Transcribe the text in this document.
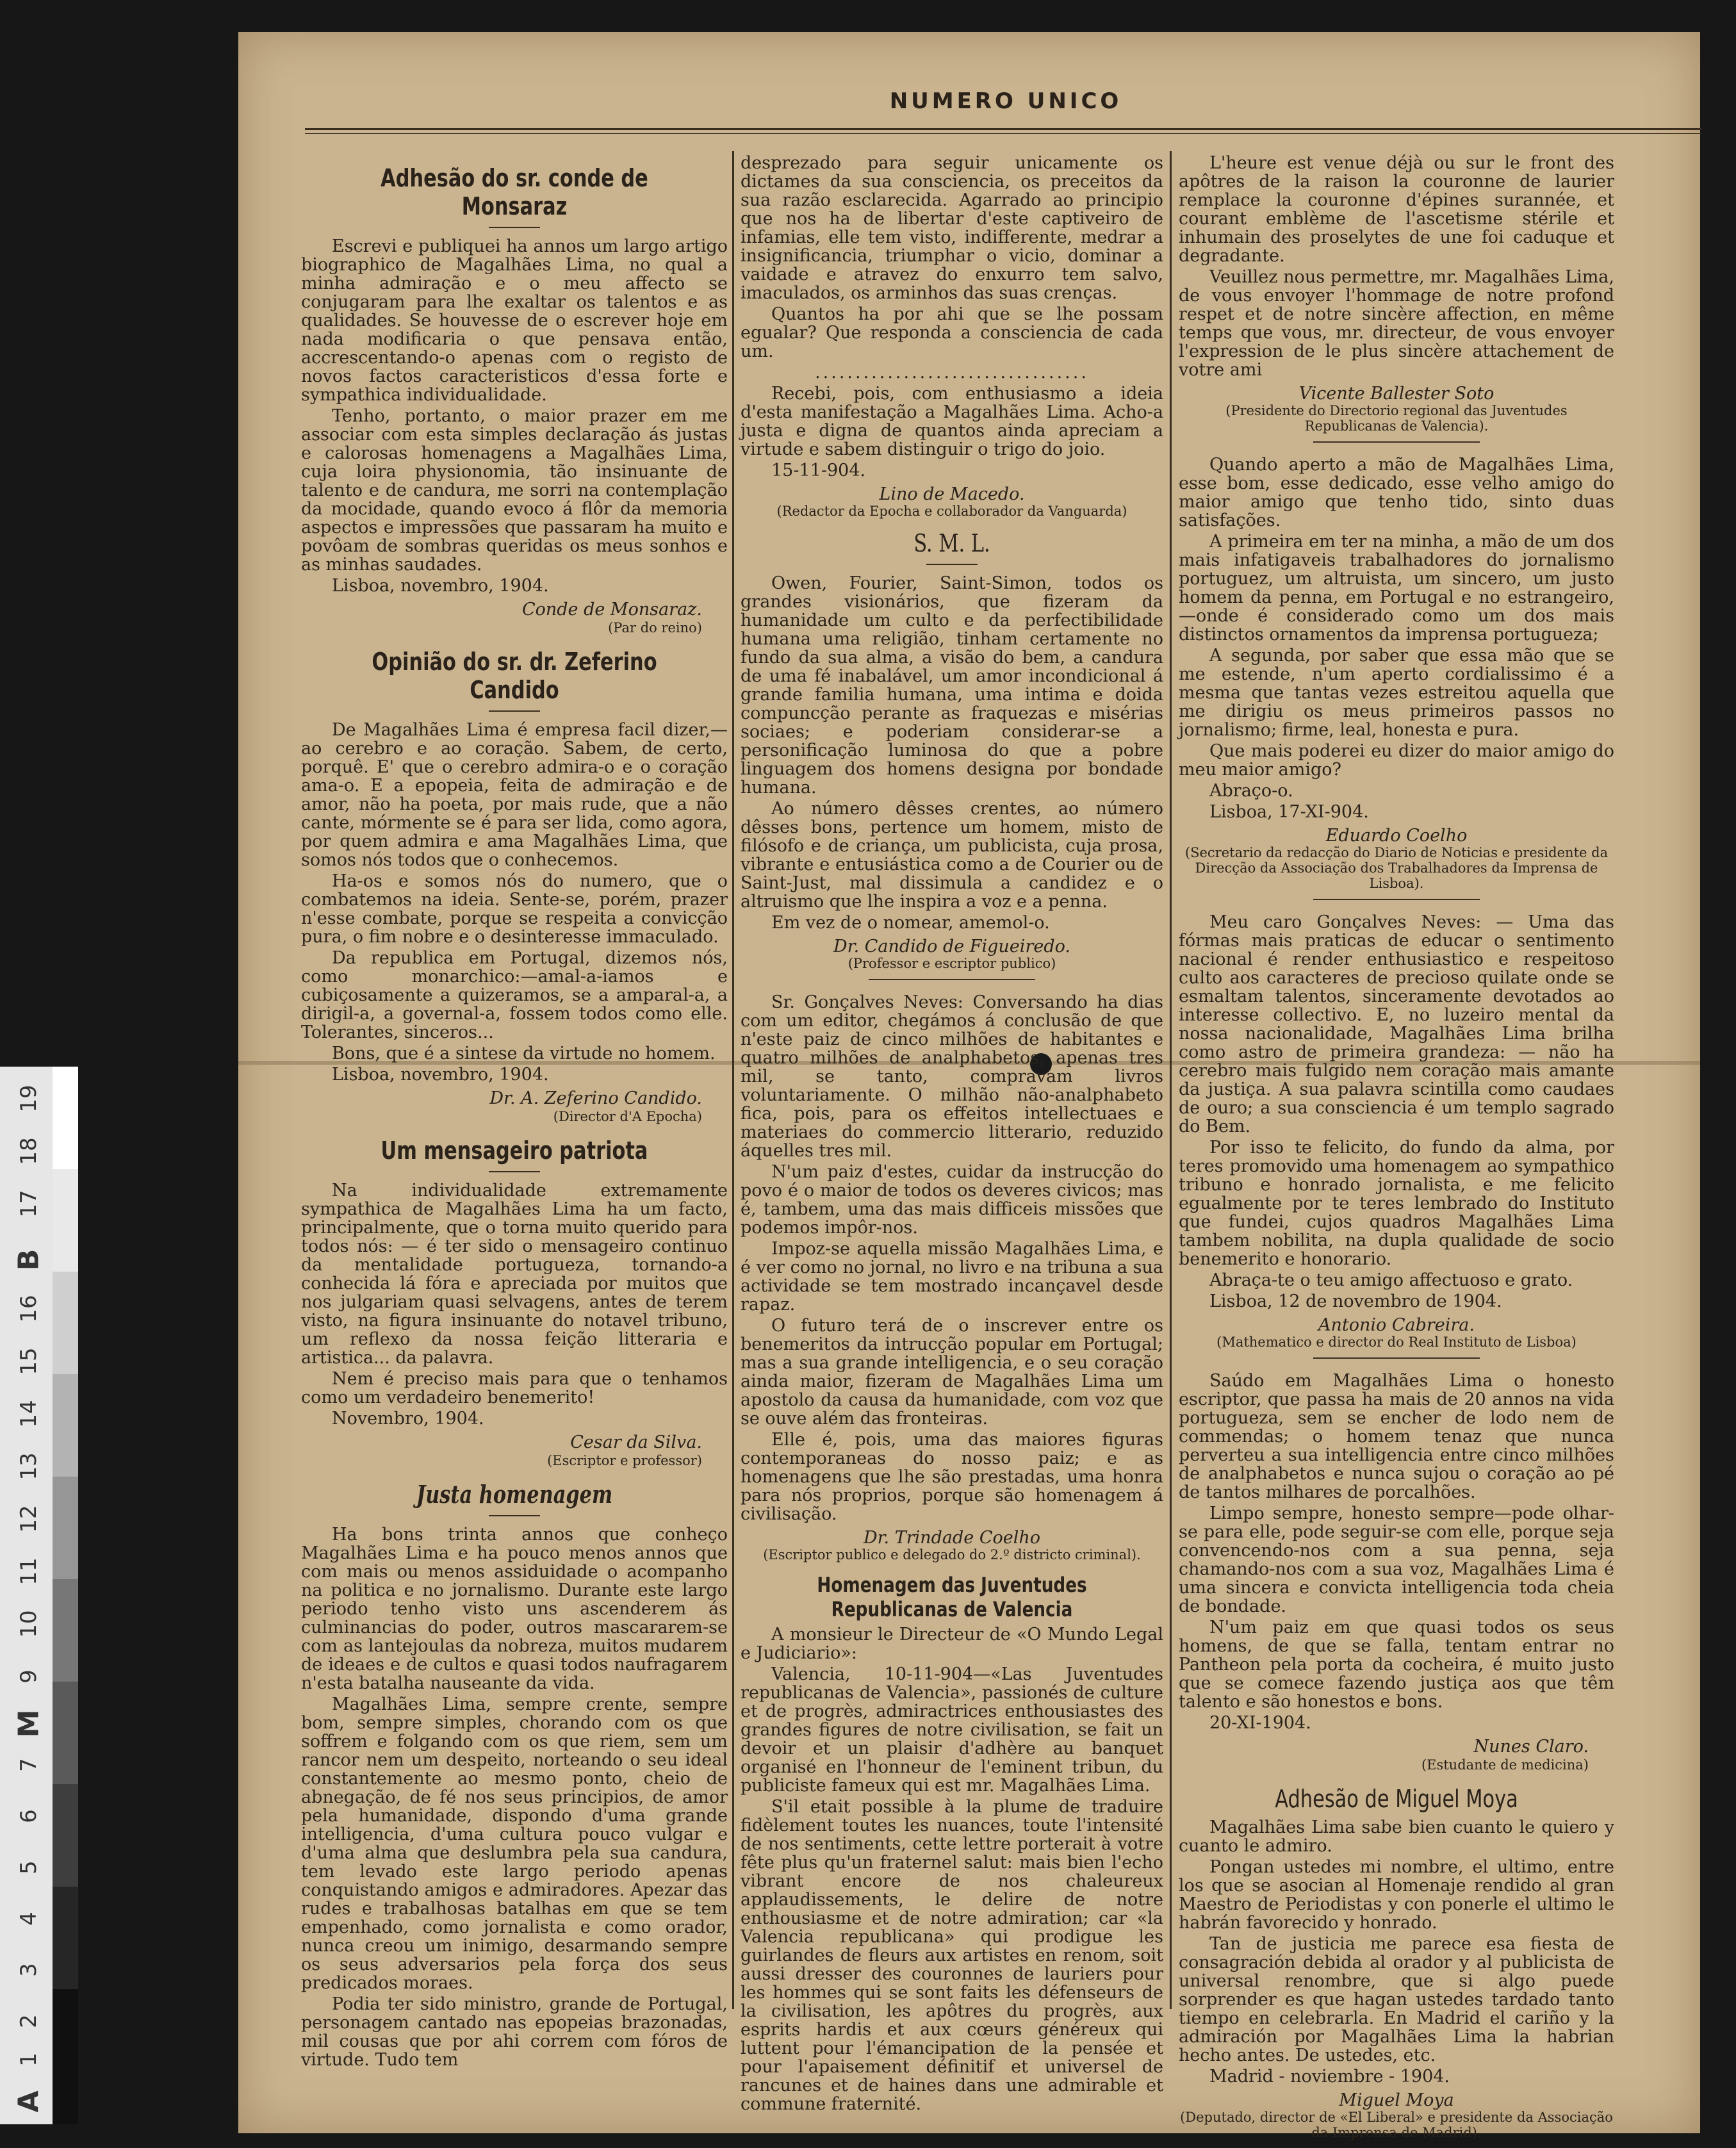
19
18
17
B
16
15
14
13
12
11
10
9
M
7
6
5
4
3
2
1
A
NUMERO UNICO
Adhesão do sr. conde de Monsaraz

Escrevi e publiquei ha annos um largo artigo biographico de Magalhães Lima, no qual a minha admiração e o meu affecto se conjugaram para lhe exaltar os talentos e as qualidades. Se houvesse de o escrever hoje em nada modificaria o que pensava então, accrescentando-o apenas com o registo de novos factos caracteristicos d'essa forte e sympathica individualidade.

Tenho, portanto, o maior prazer em me associar com esta simples declaração ás justas e calorosas homenagens a Magalhães Lima, cuja loira physionomia, tão insinuante de talento e de candura, me sorri na contemplação da mocidade, quando evoco á flôr da memoria aspectos e impressões que passaram ha muito e povôam de sombras queridas os meus sonhos e as minhas saudades.

Lisboa, novembro, 1904.

Conde de Monsaraz.
(Par do reino)
Opinião do sr. dr. Zeferino Candido

De Magalhães Lima é empresa facil dizer,—ao cerebro e ao coração. Sabem, de certo, porquê. E' que o cerebro admira-o e o coração ama-o. E a epopeia, feita de admiração e de amor, não ha poeta, por mais rude, que a não cante, mórmente se é para ser lida, como agora, por quem admira e ama Magalhães Lima, que somos nós todos que o conhecemos.

Ha-os e somos nós do numero, que o combatemos na ideia. Sente-se, porém, prazer n'esse combate, porque se respeita a convicção pura, o fim nobre e o desinteresse immaculado.

Da republica em Portugal, dizemos nós, como monarchico:—amal-a-iamos e cubiçosamente a quizeramos, se a amparal-a, a dirigil-a, a governal-a, fossem todos como elle. Tolerantes, sinceros...

Bons, que é a sintese da virtude no homem.

Lisboa, novembro, 1904.

Dr. A. Zeferino Candido.
(Director d'A Epocha)
Um mensageiro patriota

Na individualidade extremamente sympathica de Magalhães Lima ha um facto, principalmente, que o torna muito querido para todos nós: — é ter sido o mensageiro continuo da mentalidade portugueza, tornando-a conhecida lá fóra e apreciada por muitos que nos julgariam quasi selvagens, antes de terem visto, na figura insinuante do notavel tribuno, um reflexo da nossa feição litteraria e artistica... da palavra.

Nem é preciso mais para que o tenhamos como um verdadeiro benemerito!

Novembro, 1904.

Cesar da Silva.
(Escriptor e professor)
Justa homenagem

Ha bons trinta annos que conheço Magalhães Lima e ha pouco menos annos que com mais ou menos assiduidade o acompanho na politica e no jornalismo. Durante este largo periodo tenho visto uns ascenderem ás culminancias do poder, outros mascararem-se com as lantejoulas da nobreza, muitos mudarem de ideaes e de cultos e quasi todos naufragarem n'esta batalha nauseante da vida.

Magalhães Lima, sempre crente, sempre bom, sempre simples, chorando com os que soffrem e folgando com os que riem, sem um rancor nem um despeito, norteando o seu ideal constantemente ao mesmo ponto, cheio de abnegação, de fé nos seus principios, de amor pela humanidade, dispondo d'uma grande intelligencia, d'uma cultura pouco vulgar e d'uma alma que deslumbra pela sua candura, tem levado este largo periodo apenas conquistando amigos e admiradores. Apezar das rudes e trabalhosas batalhas em que se tem empenhado, como jornalista e como orador, nunca creou um inimigo, desarmando sempre os seus adversarios pela força dos seus predicados moraes.

Podia ter sido ministro, grande de Portugal, personagem cantado nas epopeias brazonadas, mil cousas que por ahi correm com fóros de virtude. Tudo tem

desprezado para seguir unicamente os dictames da sua consciencia, os preceitos da sua razão esclarecida. Agarrado ao principio que nos ha de libertar d'este captiveiro de infamias, elle tem visto, indifferente, medrar a insignificancia, triumphar o vicio, dominar a vaidade e atravez do enxurro tem salvo, imaculados, os arminhos das suas crenças.

Quantos ha por ahi que se lhe possam egualar? Que responda a consciencia de cada um.

..................................

Recebi, pois, com enthusiasmo a ideia d'esta manifestação a Magalhães Lima. Acho-a justa e digna de quantos ainda apreciam a virtude e sabem distinguir o trigo do joio.

15-11-904.

Lino de Macedo.
(Redactor da Epocha e collaborador da Vanguarda)
S. M. L.

Owen, Fourier, Saint-Simon, todos os grandes visionários, que fizeram da humanidade um culto e da perfectibilidade humana uma religião, tinham certamente no fundo da sua alma, a visão do bem, a candura de uma fé inabalável, um amor incondicional á grande familia humana, uma intima e doida compuncção perante as fraquezas e misérias sociaes; e poderiam considerar-se a personificação luminosa do que a pobre linguagem dos homens designa por bondade humana.

Ao número dêsses crentes, ao número dêsses bons, pertence um homem, misto de filósofo e de criança, um publicista, cuja prosa, vibrante e entusiástica como a de Courier ou de Saint-Just, mal dissimula a candidez e o altruismo que lhe inspira a voz e a penna.

Em vez de o nomear, amemol-o.

Dr. Candido de Figueiredo.
(Professor e escriptor publico)

Sr. Gonçalves Neves: Conversando ha dias com um editor, chegámos á conclusão de que n'este paiz de cinco milhões de habitantes e quatro milhões de analphabetos, apenas tres mil, se tanto, compravam livros voluntariamente. O milhão não-analphabeto fica, pois, para os effeitos intellectuaes e materiaes do commercio litterario, reduzido áquelles tres mil.

N'um paiz d'estes, cuidar da instrucção do povo é o maior de todos os deveres civicos; mas é, tambem, uma das mais difficeis missões que podemos impôr-nos.

Impoz-se aquella missão Magalhães Lima, e é ver como no jornal, no livro e na tribuna a sua actividade se tem mostrado incançavel desde rapaz.

O futuro terá de o inscrever entre os benemeritos da intrucção popular em Portugal; mas a sua grande intelligencia, e o seu coração ainda maior, fizeram de Magalhães Lima um apostolo da causa da humanidade, com voz que se ouve além das fronteiras.

Elle é, pois, uma das maiores figuras contemporaneas do nosso paiz; e as homenagens que lhe são prestadas, uma honra para nós proprios, porque são homenagem á civilisação.

Dr. Trindade Coelho
(Escriptor publico e delegado do 2.º districto criminal).
Homenagem das Juventudes Republicanas de Valencia

A monsieur le Directeur de «O Mundo Legal e Judiciario»:

Valencia, 10-11-904—«Las Juventudes republicanas de Valencia», passionés de culture et de progrès, admiractrices enthousiastes des grandes figures de notre civilisation, se fait un devoir et un plaisir d'adhère au banquet organisé en l'honneur de l'eminent tribun, du publiciste fameux qui est mr. Magalhães Lima.

S'il etait possible à la plume de traduire fidèlement toutes les nuances, toute l'intensité de nos sentiments, cette lettre porterait à votre fête plus qu'un fraternel salut: mais bien l'echo vibrant encore de nos chaleureux applaudissements, le delire de notre enthousiasme et de notre admiration; car «la Valencia republicana» qui prodigue les guirlandes de fleurs aux artistes en renom, soit aussi dresser des couronnes de lauriers pour les hommes qui se sont faits les défenseurs de la civilisation, les apôtres du progrès, aux esprits hardis et aux cœurs généreux qui luttent pour l'émancipation de la pensée et pour l'apaisement définitif et universel de rancunes et de haines dans une admirable et commune fraternité.

L'heure est venue déjà ou sur le front des apôtres de la raison la couronne de laurier remplace la couronne d'épines surannée, et courant emblème de l'ascetisme stérile et inhumain des proselytes de une foi caduque et degradante.

Veuillez nous permettre, mr. Magalhães Lima, de vous envoyer l'hommage de notre profond respet et de notre sincère affection, en même temps que vous, mr. directeur, de vous envoyer l'expression de le plus sincère attachement de votre ami

Vicente Ballester Soto
(Presidente do Directorio regional das Juventudes Republicanas de Valencia).

Quando aperto a mão de Magalhães Lima, esse bom, esse dedicado, esse velho amigo do maior amigo que tenho tido, sinto duas satisfações.

A primeira em ter na minha, a mão de um dos mais infatigaveis trabalhadores do jornalismo portuguez, um altruista, um sincero, um justo homem da penna, em Portugal e no estrangeiro,—onde é considerado como um dos mais distinctos ornamentos da imprensa portugueza;

A segunda, por saber que essa mão que se me estende, n'um aperto cordialissimo é a mesma que tantas vezes estreitou aquella que me dirigiu os meus primeiros passos no jornalismo; firme, leal, honesta e pura.

Que mais poderei eu dizer do maior amigo do meu maior amigo?

Abraço-o.

Lisboa, 17-XI-904.

Eduardo Coelho
(Secretario da redacção do Diario de Noticias e presidente da Direcção da Associação dos Trabalhadores da Imprensa de Lisboa).

Meu caro Gonçalves Neves: — Uma das fórmas mais praticas de educar o sentimento nacional é render enthusiastico e respeitoso culto aos caracteres de precioso quilate onde se esmaltam talentos, sinceramente devotados ao interesse collectivo. E, no luzeiro mental da nossa nacionalidade, Magalhães Lima brilha como astro de primeira grandeza: — não ha cerebro mais fulgido nem coração mais amante da justiça. A sua palavra scintilla como caudaes de ouro; a sua consciencia é um templo sagrado do Bem.

Por isso te felicito, do fundo da alma, por teres promovido uma homenagem ao sympathico tribuno e honrado jornalista, e me felicito egualmente por te teres lembrado do Instituto que fundei, cujos quadros Magalhães Lima tambem nobilita, na dupla qualidade de socio benemerito e honorario.

Abraça-te o teu amigo affectuoso e grato.

Lisboa, 12 de novembro de 1904.

Antonio Cabreira.
(Mathematico e director do Real Instituto de Lisboa)

Saúdo em Magalhães Lima o honesto escriptor, que passa ha mais de 20 annos na vida portugueza, sem se encher de lodo nem de commendas; o homem tenaz que nunca perverteu a sua intelligencia entre cinco milhões de analphabetos e nunca sujou o coração ao pé de tantos milhares de porcalhões.

Limpo sempre, honesto sempre—pode olhar-se para elle, pode seguir-se com elle, porque seja convencendo-nos com a sua penna, seja chamando-nos com a sua voz, Magalhães Lima é uma sincera e convicta intelligencia toda cheia de bondade.

N'um paiz em que quasi todos os seus homens, de que se falla, tentam entrar no Pantheon pela porta da cocheira, é muito justo que se comece fazendo justiça aos que têm talento e são honestos e bons.

20-XI-1904.

Nunes Claro.
(Estudante de medicina)
Adhesão de Miguel Moya

Magalhães Lima sabe bien cuanto le quiero y cuanto le admiro.

Pongan ustedes mi nombre, el ultimo, entre los que se asocian al Homenaje rendido al gran Maestro de Periodistas y con ponerle el ultimo le habrán favorecido y honrado.

Tan de justicia me parece esa fiesta de consagración debida al orador y al publicista de universal renombre, que si algo puede sorprender es que hagan ustedes tardado tanto tiempo en celebrarla. En Madrid el cariño y la admiración por Magalhães Lima la habrian hecho antes. De ustedes, etc.

Madrid - noviembre - 1904.

Miguel Moya
(Deputado, director de «El Liberal» e presidente da Associação da Imprensa de Madrid).
